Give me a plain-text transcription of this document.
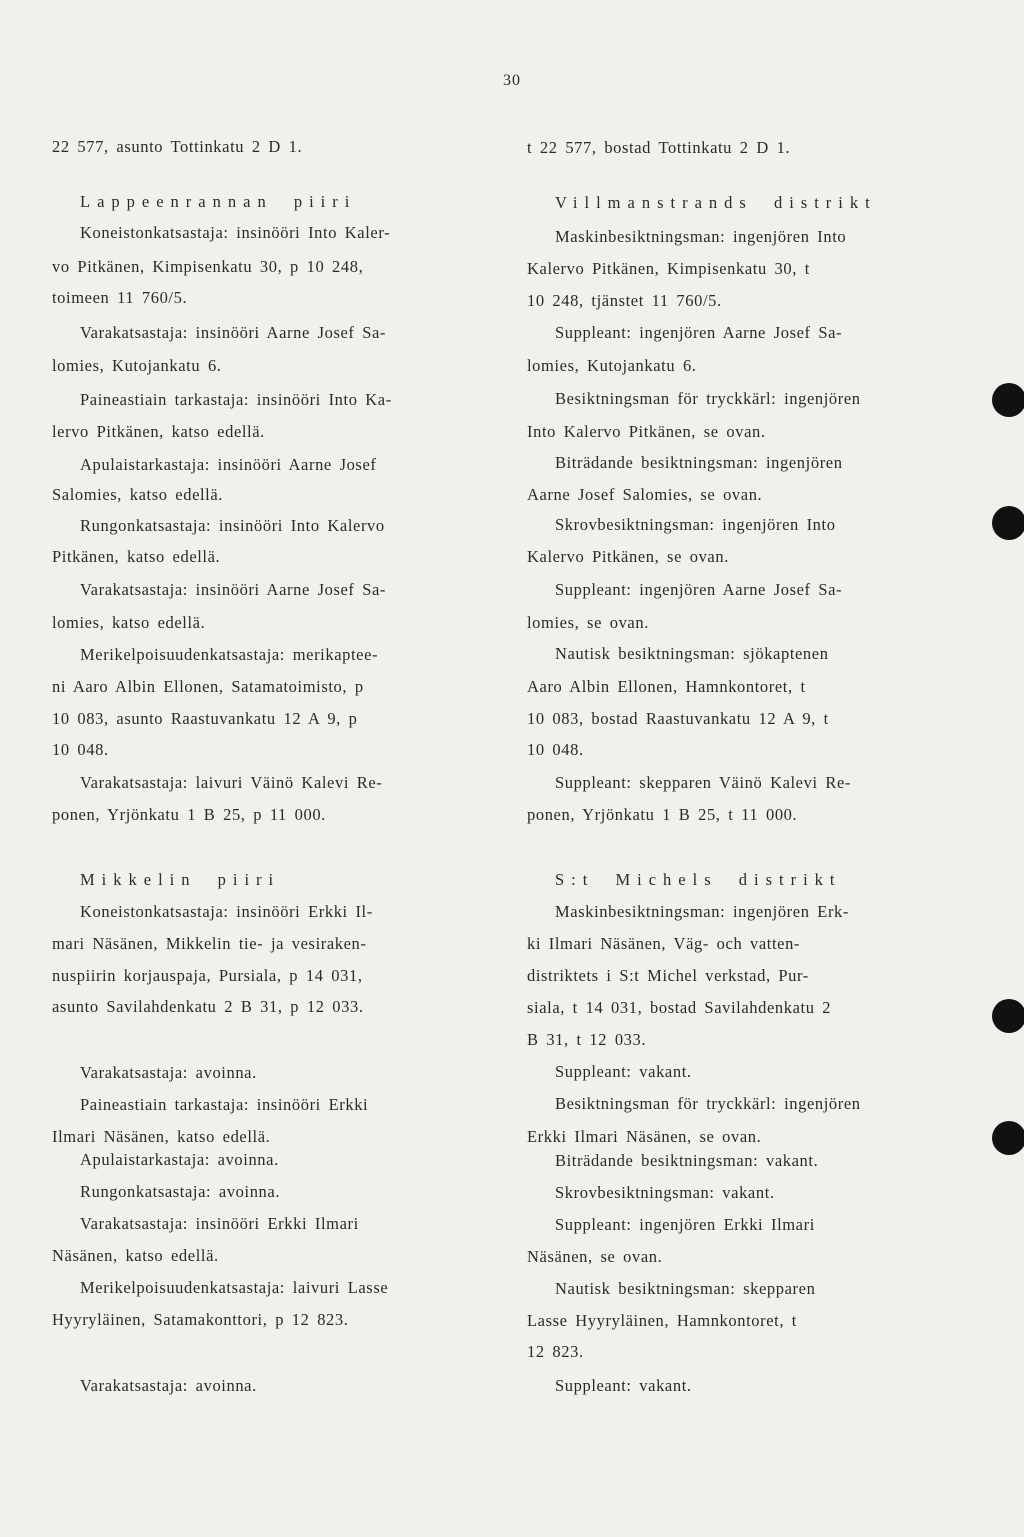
30
22 577, asunto Tottinkatu 2 D 1.
Lappeenrannan piiri
Koneistonkatsastaja: insinööri Into Kaler-
vo Pitkänen, Kimpisenkatu 30, p 10 248,
toimeen 11 760/5.
Varakatsastaja: insinööri Aarne Josef Sa-
lomies, Kutojankatu 6.
Paineastiain tarkastaja: insinööri Into Ka-
lervo Pitkänen, katso edellä.
Apulaistarkastaja: insinööri Aarne Josef
Salomies, katso edellä.
Rungonkatsastaja: insinööri Into Kalervo
Pitkänen, katso edellä.
Varakatsastaja: insinööri Aarne Josef Sa-
lomies, katso edellä.
Merikelpoisuudenkatsastaja: merikaptee-
ni Aaro Albin Ellonen, Satamatoimisto, p
10 083, asunto Raastuvankatu 12 A 9, p
10 048.
Varakatsastaja: laivuri Väinö Kalevi Re-
ponen, Yrjönkatu 1 B 25, p 11 000.
Mikkelin piiri
Koneistonkatsastaja: insinööri Erkki Il-
mari Näsänen, Mikkelin tie- ja vesiraken-
nuspiirin korjauspaja, Pursiala, p 14 031,
asunto Savilahdenkatu 2 B 31, p 12 033.
Varakatsastaja: avoinna.
Paineastiain tarkastaja: insinööri Erkki
Ilmari Näsänen, katso edellä.
Apulaistarkastaja: avoinna.
Rungonkatsastaja: avoinna.
Varakatsastaja: insinööri Erkki Ilmari
Näsänen, katso edellä.
Merikelpoisuudenkatsastaja: laivuri Lasse
Hyyryläinen, Satamakonttori, p 12 823.
Varakatsastaja: avoinna.
t 22 577, bostad Tottinkatu 2 D 1.
Villmanstrands distrikt
Maskinbesiktningsman: ingenjören Into
Kalervo Pitkänen, Kimpisenkatu 30, t
10 248, tjänstet 11 760/5.
Suppleant: ingenjören Aarne Josef Sa-
lomies, Kutojankatu 6.
Besiktningsman för tryckkärl: ingenjören
Into Kalervo Pitkänen, se ovan.
Biträdande besiktningsman: ingenjören
Aarne Josef Salomies, se ovan.
Skrovbesiktningsman: ingenjören Into
Kalervo Pitkänen, se ovan.
Suppleant: ingenjören Aarne Josef Sa-
lomies, se ovan.
Nautisk besiktningsman: sjökaptenen
Aaro Albin Ellonen, Hamnkontoret, t
10 083, bostad Raastuvankatu 12 A 9, t
10 048.
Suppleant: skepparen Väinö Kalevi Re-
ponen, Yrjönkatu 1 B 25, t 11 000.
S:t Michels distrikt
Maskinbesiktningsman: ingenjören Erk-
ki Ilmari Näsänen, Väg- och vatten-
distriktets i S:t Michel verkstad, Pur-
siala, t 14 031, bostad Savilahdenkatu 2
B 31, t 12 033.
Suppleant: vakant.
Besiktningsman för tryckkärl: ingenjören
Erkki Ilmari Näsänen, se ovan.
Biträdande besiktningsman: vakant.
Skrovbesiktningsman: vakant.
Suppleant: ingenjören Erkki Ilmari
Näsänen, se ovan.
Nautisk besiktningsman: skepparen
Lasse Hyyryläinen, Hamnkontoret, t
12 823.
Suppleant: vakant.
